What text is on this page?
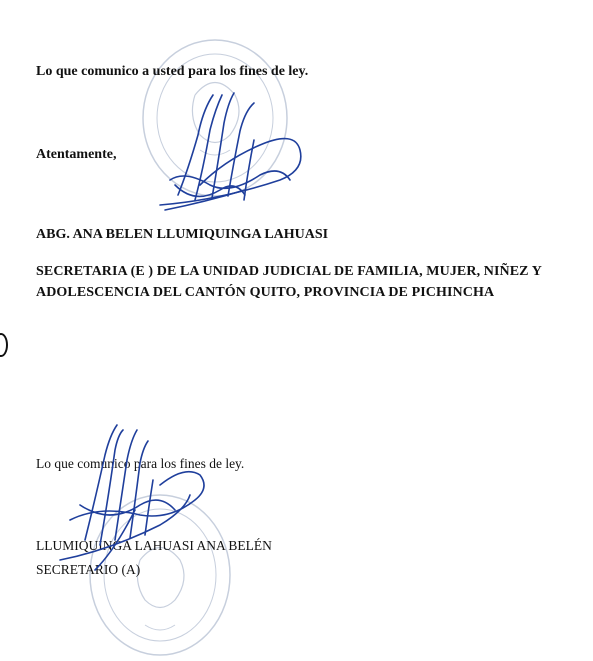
Lo que comunico a usted para los fines de ley.
Atentamente,
ABG. ANA BELEN LLUMIQUINGA LAHUASI
SECRETARIA (E ) DE LA UNIDAD JUDICIAL DE FAMILIA, MUJER, NIÑEZ Y
ADOLESCENCIA DEL CANTÓN QUITO, PROVINCIA DE PICHINCHA
Lo que comunico para los fines de ley.
LLUMIQUINGA LAHUASI ANA BELÉN
SECRETARIO (A)
